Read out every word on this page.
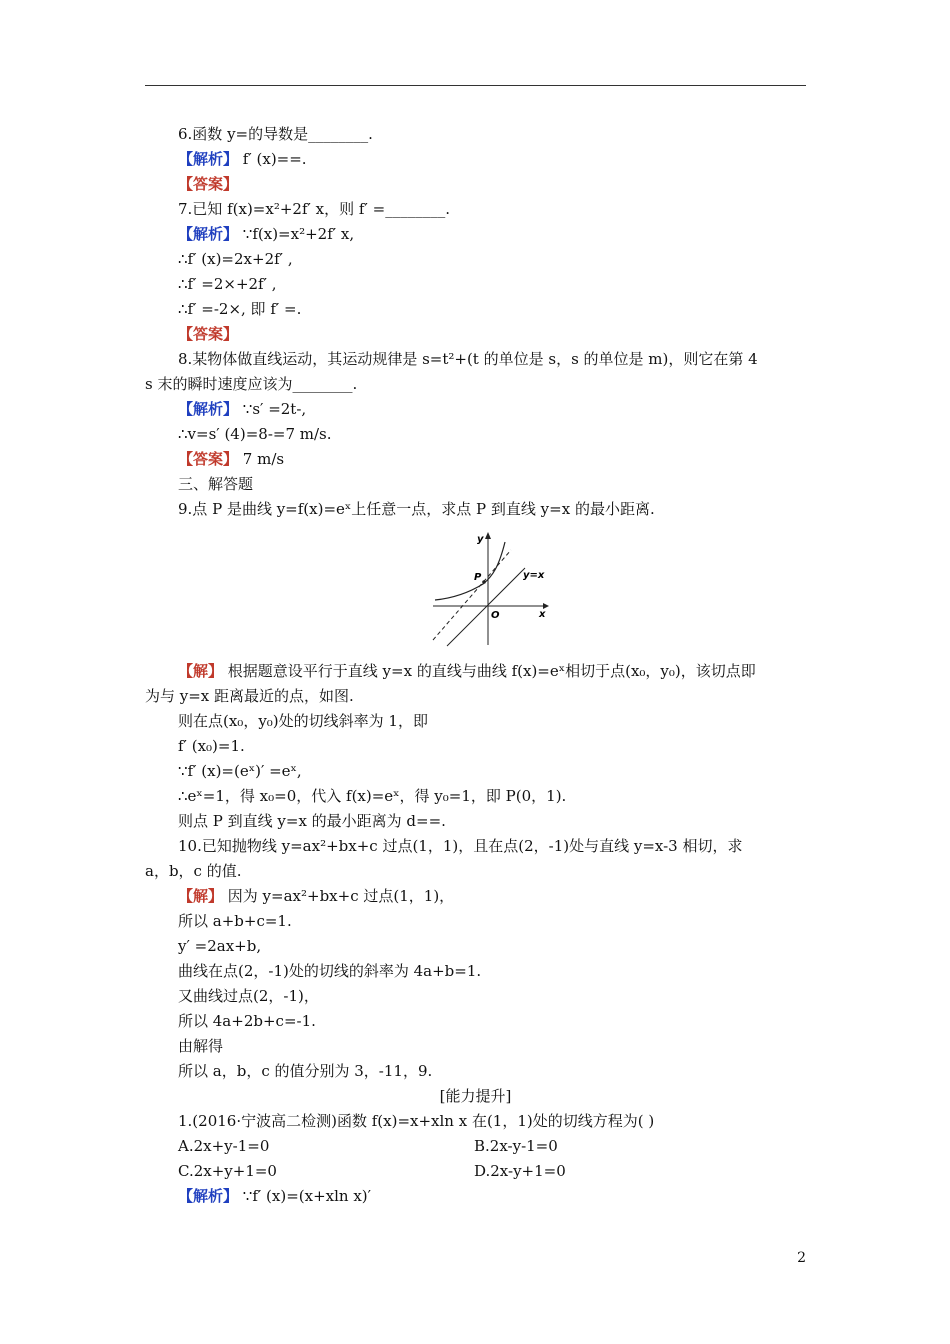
6.函数 y=的导数是________.
【解析】 f′ (x)==.
【答案】
7.已知 f(x)=x²+2f′ x，则 f′ =________.
【解析】 ∵f(x)=x²+2f′ x,
∴f′ (x)=2x+2f′ ,
∴f′ =2×+2f′ ,
∴f′ =-2×, 即 f′ =.
【答案】
8.某物体做直线运动，其运动规律是 s=t²+(t 的单位是 s，s 的单位是 m)，则它在第 4
s 末的瞬时速度应该为________.
【解析】 ∵s′ =2t-,
∴v=s′ (4)=8-=7 m/s.
【答案】 7 m/s
三、解答题
9.点 P 是曲线 y=f(x)=eˣ上任意一点，求点 P 到直线 y=x 的最小距离.
【解】 根据题意设平行于直线 y=x 的直线与曲线 f(x)=eˣ相切于点(x₀，y₀)，该切点即
为与 y=x 距离最近的点，如图.
则在点(x₀，y₀)处的切线斜率为 1，即
f′ (x₀)=1.
∵f′ (x)=(eˣ)′ =eˣ,
∴eˣ=1，得 x₀=0，代入 f(x)=eˣ，得 y₀=1，即 P(0，1).
则点 P 到直线 y=x 的最小距离为 d==.
10.已知抛物线 y=ax²+bx+c 过点(1，1)，且在点(2，-1)处与直线 y=x-3 相切，求
a，b，c 的值.
【解】 因为 y=ax²+bx+c 过点(1，1)，
所以 a+b+c=1.
y′ =2ax+b,
曲线在点(2，-1)处的切线的斜率为 4a+b=1.
又曲线过点(2，-1)，
所以 4a+2b+c=-1.
由解得
所以 a，b，c 的值分别为 3，-11，9.
1.(2016·宁波高二检测)函数 f(x)=x+xln x 在(1，1)处的切线方程为( )
A.2x+y-1=0	B.2x-y-1=0
C.2x+y+1=0	D.2x-y+1=0
【解析】 ∵f′ (x)=(x+xln x)′
[能力提升]
y
x
O
P	y=x
2
